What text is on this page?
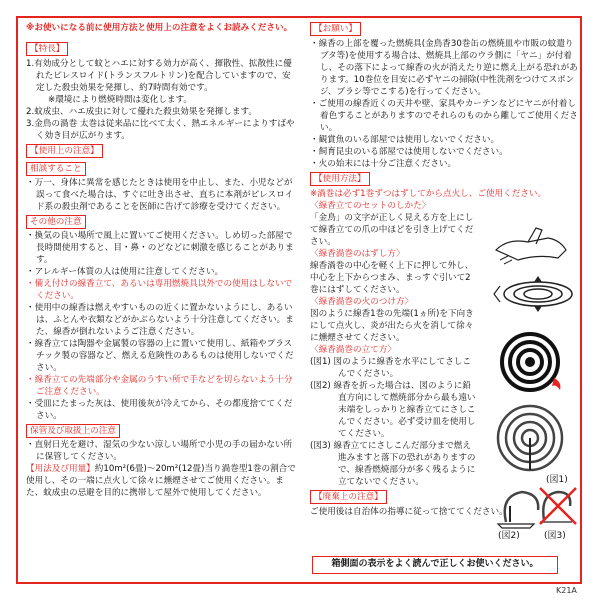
※お使いになる前に使用方法と使用上の注意をよくお読みください。

【特長】

1.有効成分として蚊とハエに対する効力が高く、揮散性、拡散性に優れたピレスロイド(トランスフルトリン)を配合していますので、安定した殺虫効果を発揮し、約7時間有効です。

※環境により燃焼時間は変化します。

2.蚊成虫、ハエ成虫に対して優れた殺虫効果を発揮します。

3.金鳥の渦巻 太巻は従来品に比べて太く、熱エネルギーによりすばやく効き目が広がります。

【使用上の注意】
相談すること

・万一、身体に異常を感じたときは使用を中止し、また、小児などが誤って食べた場合は、すぐに吐き出させ、直ちに本剤がピレスロイド系の殺虫剤であることを医師に告げて診療を受けてください。

その他の注意

・換気の良い場所で風上に置いてご使用ください。しめ切った部屋で長時間使用すると、目・鼻・のどなどに刺激を感じることがあります。

・アレルギー体質の人は使用に注意してください。

・備え付けの線香立て、あるいは専用燃焼具以外での使用はしないでください。

・使用中の線香は燃えやすいものの近くに置かないようにし、あるいは、ふとんや衣類などがかぶらないよう十分注意してください。また、線香が倒れないようご注意ください。

・線香立ては陶器や金属製の容器の上に置いて使用し、紙箱やプラスチック製の容器など、燃える危険性のあるものは使用しないでください。

・線香立ての先端部分や金属のうすい所で手などを切らないよう十分ご注意ください。

・受皿にたまった灰は、使用後灰が冷えてから、その都度捨ててください。

保管及び取扱上の注意

・直射日光を避け、湿気の少ない涼しい場所で小児の手の届かない所に保管してください。

【用法及び用量】約10m²(6畳)〜20m²(12畳)当り渦巻型1巻の割合で使用し、その一端に点火して徐々に燻煙させてご使用ください。また、蚊成虫の忌避を目的に携帯して屋外で使用してください。

【お願い】

・線香の上部を覆った燃焼具(金鳥香30巻缶の燃焼皿や市販の蚊遣りブタ等)を使用する場合は、燃焼具上部のウラ側に「ヤニ」が付着し、その落下によって線香の火が消えたり逆に燃え上がる恐れがあります。10巻位を目安に必ずヤニの掃除(中性洗剤をつけてスポンジ、ブラシ等でこする)を行ってください。

・ご使用の線香近くの天井や壁、家具やカーテンなどにヤニが付着し着色することがありますのでそれらのものから離してご使用ください。

・観賞魚のいる部屋では使用しないでください。

・飼育昆虫のいる部屋では使用しないでください。

・火の始末には十分ご注意ください。

【使用方法】

※渦巻は必ず1巻ずつはずしてから点火し、ご使用ください。

〈線香立てのセットのしかた〉

「金鳥」の文字が正しく見える方を上にして線香立ての爪の中ほどを引き上げてください。

〈線香渦巻のはずし方〉

線香渦巻の中心を軽く上下に押して外し、中心を上下からつまみ、まっすぐ引いて2巻にはずしてください。

〈線香渦巻の火のつけ方〉

図のように線香1巻の先端(1ヵ所)を下向きにして点火し、炎が出たら火を消して徐々に燻煙させてください。

〈線香渦巻の立て方〉

(図1) 図のように線香を水平にしてさしこんでください。

(図2) 線香を折った場合は、図のように鉛直方向にして燃焼部分から最も遠い末端をしっかりと線香立てにさしこんでください。必ず受け皿を使用してください。

(図3) 線香立てにさしこんだ部分まで燃え進みますと落下の恐れがありますので、線香燃焼部分が多く残るように立てないでください。

【廃棄上の注意】

ご使用後は自治体の指導に従って捨ててください。

(図1)
(図2)	(図3)
箱側面の表示をよく読んで正しくお使いください。
K21A
